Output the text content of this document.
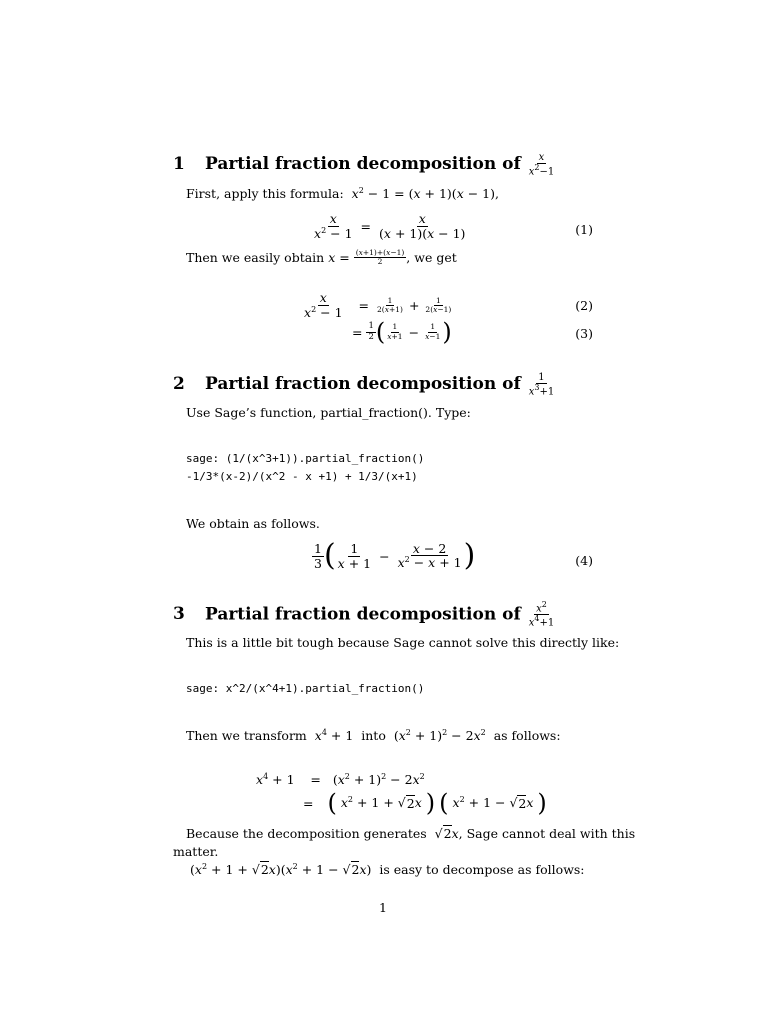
1 Partial fraction decomposition of $\frac{x}{x^2-1}$
First, apply this formula: $x^2 - 1 = (x + 1)(x - 1)$,
$\frac{x}{x^2 - 1} = \frac{x}{(x + 1)(x - 1)}$	(1)
Then we easily obtain $x = \frac{(x+1)+(x-1)}{2}$ , we get
$\frac{x}{x^2 - 1} = \frac{1}{2(x+1)} + \frac{1}{2(x-1)}$	(2)
= $\frac{1}{2}$ ( $\frac{1}{x+1} - \frac{1}{x-1}$ )	(3)
2 Partial fraction decomposition of $\frac{1}{x^3+1}$
Use Sage’s function, partial_fraction(). Type:
sage: (1/(x^3+1)).partial_fraction()
-1/3*(x-2)/(x^2 - x +1) + 1/3/(x+1)
We obtain as follows.
$\frac{1}{3}$ ( $\frac{1}{x + 1} - \frac{x - 2}{x^2 - x + 1}$ )	(4)
3 Partial fraction decomposition of $\frac{x^2}{x^4+1}$
This is a little bit tough because Sage cannot solve this directly like:
sage: x^2/(x^4+1).partial_fraction()
Then we transform $x^4 + 1$  into  $(x^2 + 1)^2 - 2x^2$ as follows:
$x^4 + 1$    =   $(x^2 + 1)^2 - 2x^2$
= ( $x^2 + 1 + √2x$ ) ( $x^2 + 1 - √2x$ )
Because the decomposition generates  √2x, Sage cannot deal with this
matter.
$(x^2 + 1 + √2x)(x^2 + 1 - √2x)$  is easy to decompose as follows:
1
